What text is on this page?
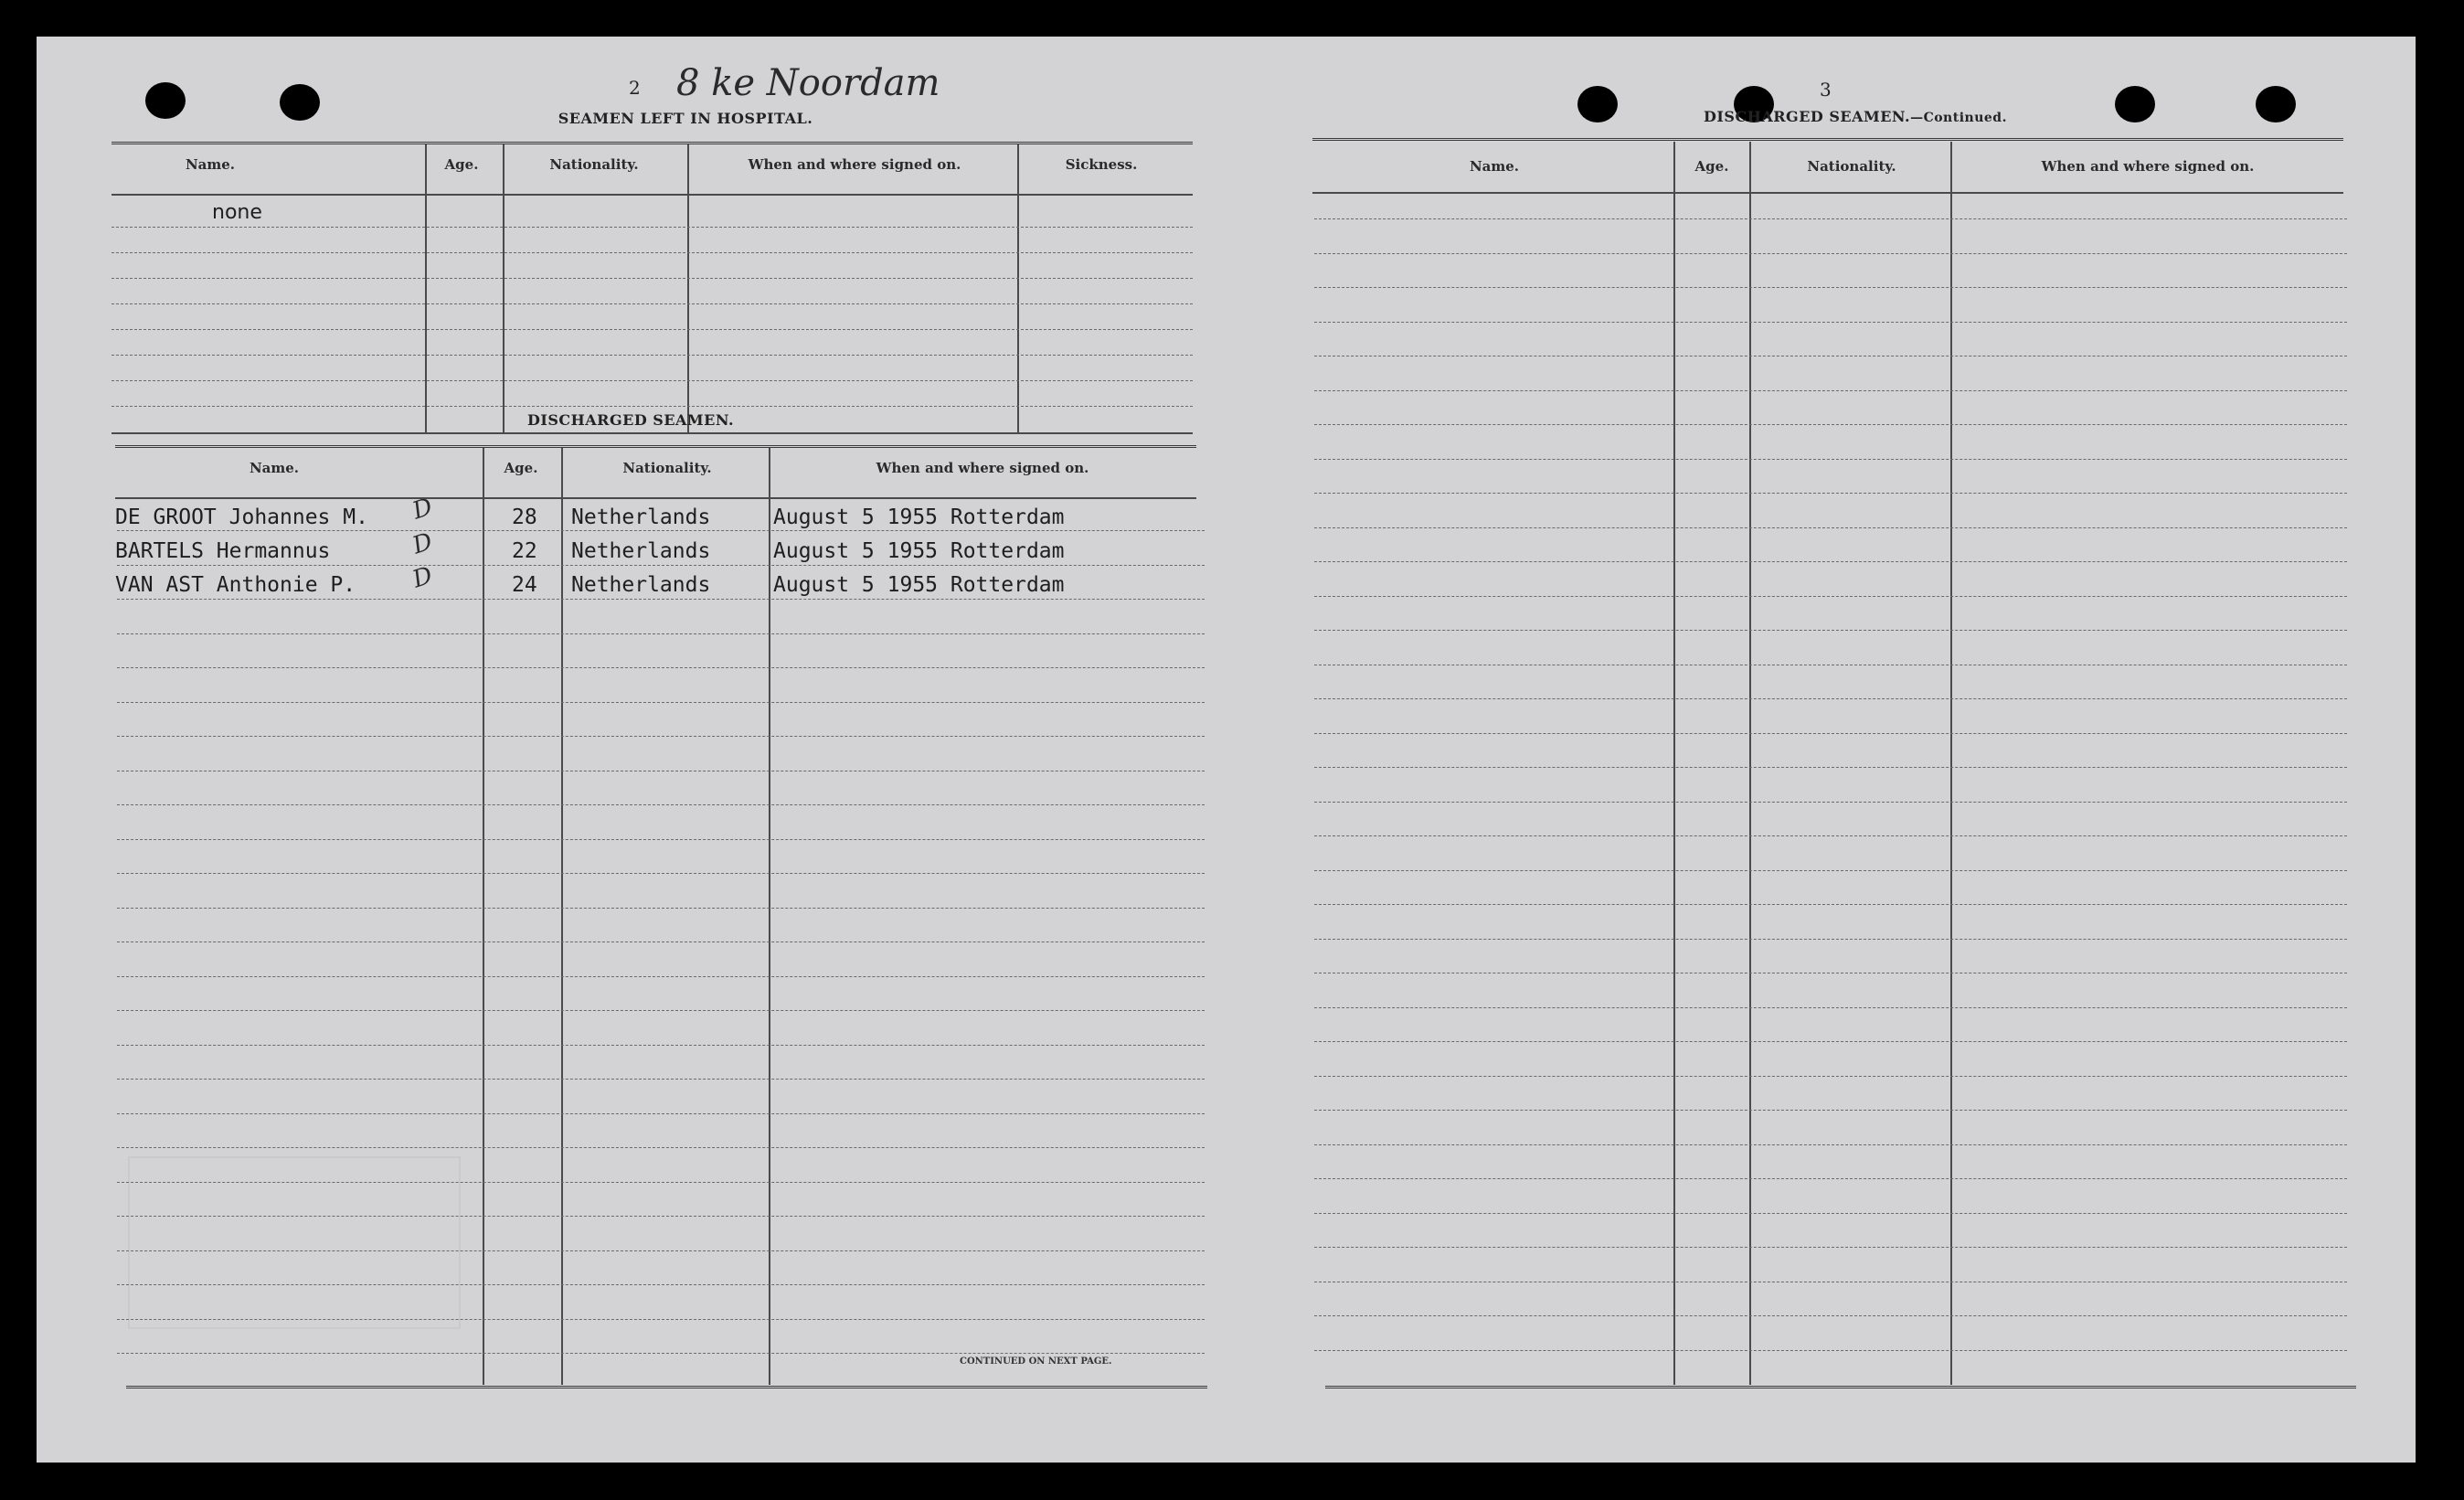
2 8 ke Noordam
SEAMEN LEFT IN HOSPITAL.
Name.	Age.	Nationality.	When and where signed on.	Sickness.
none
DISCHARGED SEAMEN.
Name.	Age.	Nationality.	When and where signed on.
DE GROOT Johannes M. D	28 Netherlands	August 5 1955 Rotterdam
BARTELS Hermannus	D	22 Netherlands	August 5 1955 Rotterdam
VAN AST Anthonie P. D	24 Netherlands	August 5 1955 Rotterdam
CONTINUED ON NEXT PAGE.
3
DISCHARGED SEAMEN.—Continued.
Name.	Age.	Nationality.	When and where signed on.
